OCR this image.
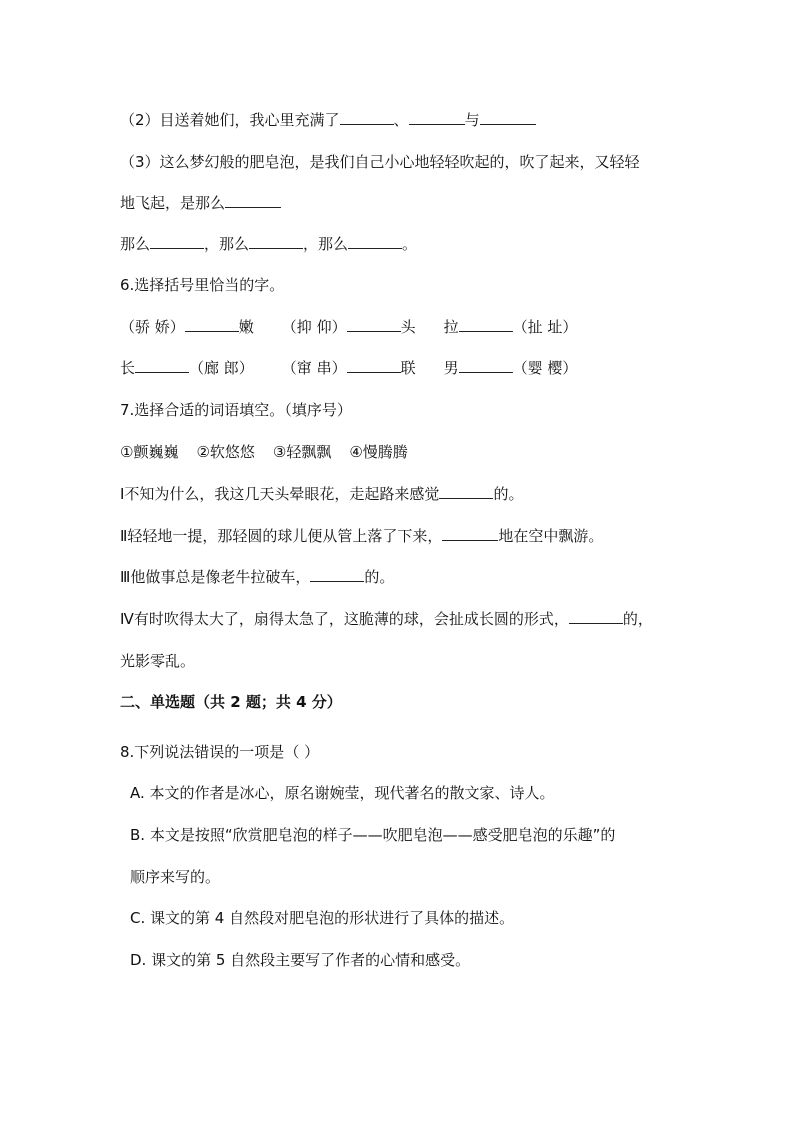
（2）目送着她们，我心里充满了	、	与
（3）这么梦幻般的肥皂泡，是我们自己小心地轻轻吹起的，吹了起来，又轻轻
地飞起，是那么
那么	，那么	，那么	。
6.选择括号里恰当的字。
（骄 娇）	嫩 （抑 仰）	头 拉	（扯 址）
长	（廊 郎） （窜 串）	联 男	（婴 樱）
7.选择合适的词语填空。（填序号）
①颤巍巍 ②软悠悠 ③轻飘飘 ④慢腾腾
Ⅰ不知为什么，我这几天头晕眼花，走起路来感觉	的。
Ⅱ轻轻地一提，那轻圆的球儿便从管上落了下来，	地在空中飘游。
Ⅲ他做事总是像老牛拉破车，	的。
Ⅳ有时吹得太大了，扇得太急了，这脆薄的球，会扯成长圆的形式，	的，
光影零乱。
二、单选题（共 2 题；共 4 分）
8.下列说法错误的一项是（ ）
A. 本文的作者是冰心，原名谢婉莹，现代著名的散文家、诗人。
B. 本文是按照“欣赏肥皂泡的样子——吹肥皂泡——感受肥皂泡的乐趣”的
顺序来写的。
C. 课文的第 4 自然段对肥皂泡的形状进行了具体的描述。
D. 课文的第 5 自然段主要写了作者的心情和感受。
